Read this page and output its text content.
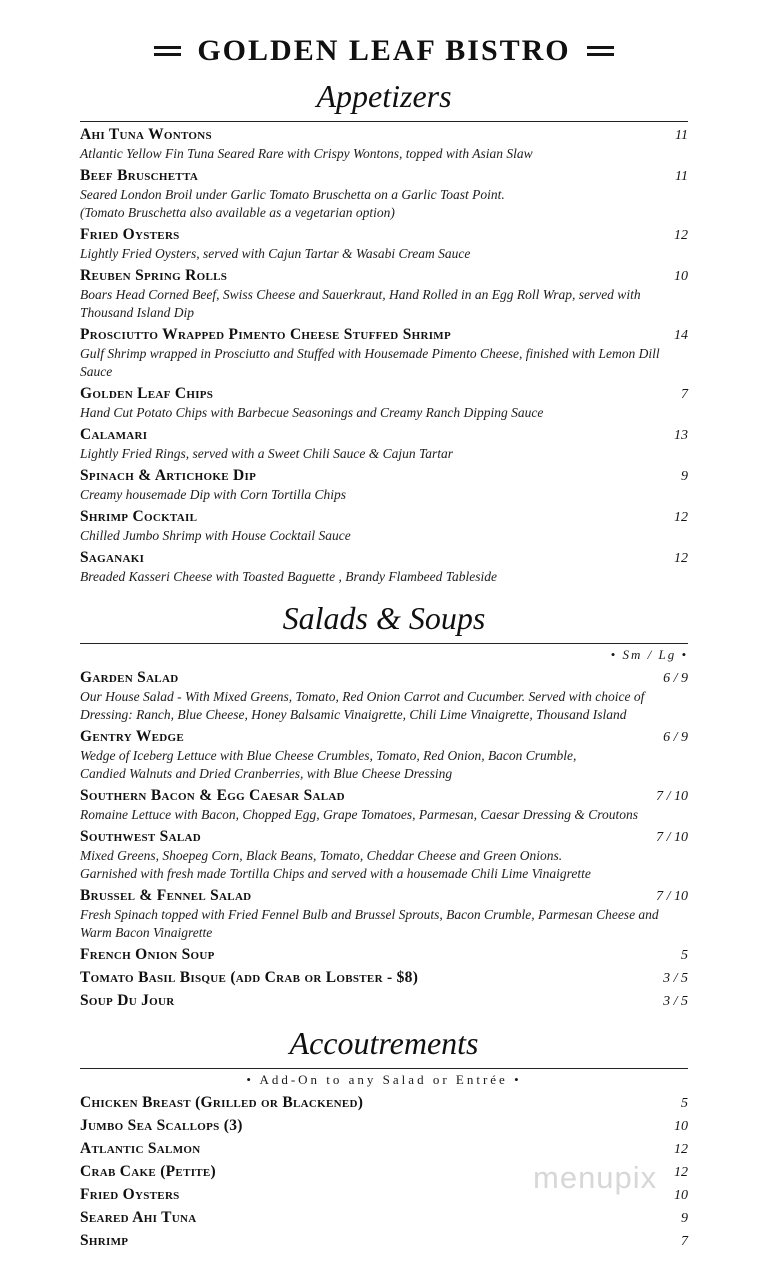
GOLDEN LEAF BISTRO
Appetizers
Ahi Tuna Wontons	11
Atlantic Yellow Fin Tuna Seared Rare with Crispy Wontons, topped with Asian Slaw
Beef Bruschetta	11
Seared London Broil under Garlic Tomato Bruschetta on a Garlic Toast Point.
(Tomato Bruschetta also available as a vegetarian option)
Fried Oysters	12
Lightly Fried Oysters, served with Cajun Tartar & Wasabi Cream Sauce
Reuben Spring Rolls	10
Boars Head Corned Beef, Swiss Cheese and Sauerkraut, Hand Rolled in an Egg Roll Wrap, served with
Thousand Island Dip
Prosciutto Wrapped Pimento Cheese Stuffed Shrimp	14
Gulf Shrimp wrapped in Prosciutto and Stuffed with Housemade Pimento Cheese, finished with Lemon Dill Sauce
Golden Leaf Chips	7
Hand Cut Potato Chips with Barbecue Seasonings and Creamy Ranch Dipping Sauce
Calamari	13
Lightly Fried Rings, served with a Sweet Chili Sauce & Cajun Tartar
Spinach & Artichoke Dip	9
Creamy housemade Dip with Corn Tortilla Chips
Shrimp Cocktail	12
Chilled Jumbo Shrimp with House Cocktail Sauce
Saganaki	12
Breaded Kasseri Cheese with Toasted Baguette , Brandy Flambeed Tableside
Salads & Soups
• Sm / Lg •
Garden Salad	6 / 9
Our House Salad - With Mixed Greens, Tomato, Red Onion Carrot and Cucumber. Served with choice of
Dressing: Ranch, Blue Cheese, Honey Balsamic Vinaigrette, Chili Lime Vinaigrette, Thousand Island
Gentry Wedge	6 / 9
Wedge of Iceberg Lettuce with Blue Cheese Crumbles, Tomato, Red Onion, Bacon Crumble,
Candied Walnuts and Dried Cranberries, with Blue Cheese Dressing
Southern Bacon & Egg Caesar Salad	7 / 10
Romaine Lettuce with Bacon, Chopped Egg, Grape Tomatoes, Parmesan, Caesar Dressing & Croutons
Southwest Salad	7 / 10
Mixed Greens, Shoepeg Corn, Black Beans, Tomato, Cheddar Cheese and Green Onions.
Garnished with fresh made Tortilla Chips and served with a housemade Chili Lime Vinaigrette
Brussel & Fennel Salad	7 / 10
Fresh Spinach topped with Fried Fennel Bulb and Brussel Sprouts, Bacon Crumble, Parmesan Cheese and
Warm Bacon Vinaigrette
French Onion Soup	5
Tomato Basil Bisque (add Crab or Lobster - $8)	3 / 5
Soup Du Jour	3 / 5
Accoutrements
• Add-On to any Salad or Entrée •
Chicken Breast (Grilled or Blackened)	5
Jumbo Sea Scallops (3)	10
Atlantic Salmon	12
Crab Cake (Petite)	12
Fried Oysters	10
Seared Ahi Tuna	9
Shrimp	7
menupix
